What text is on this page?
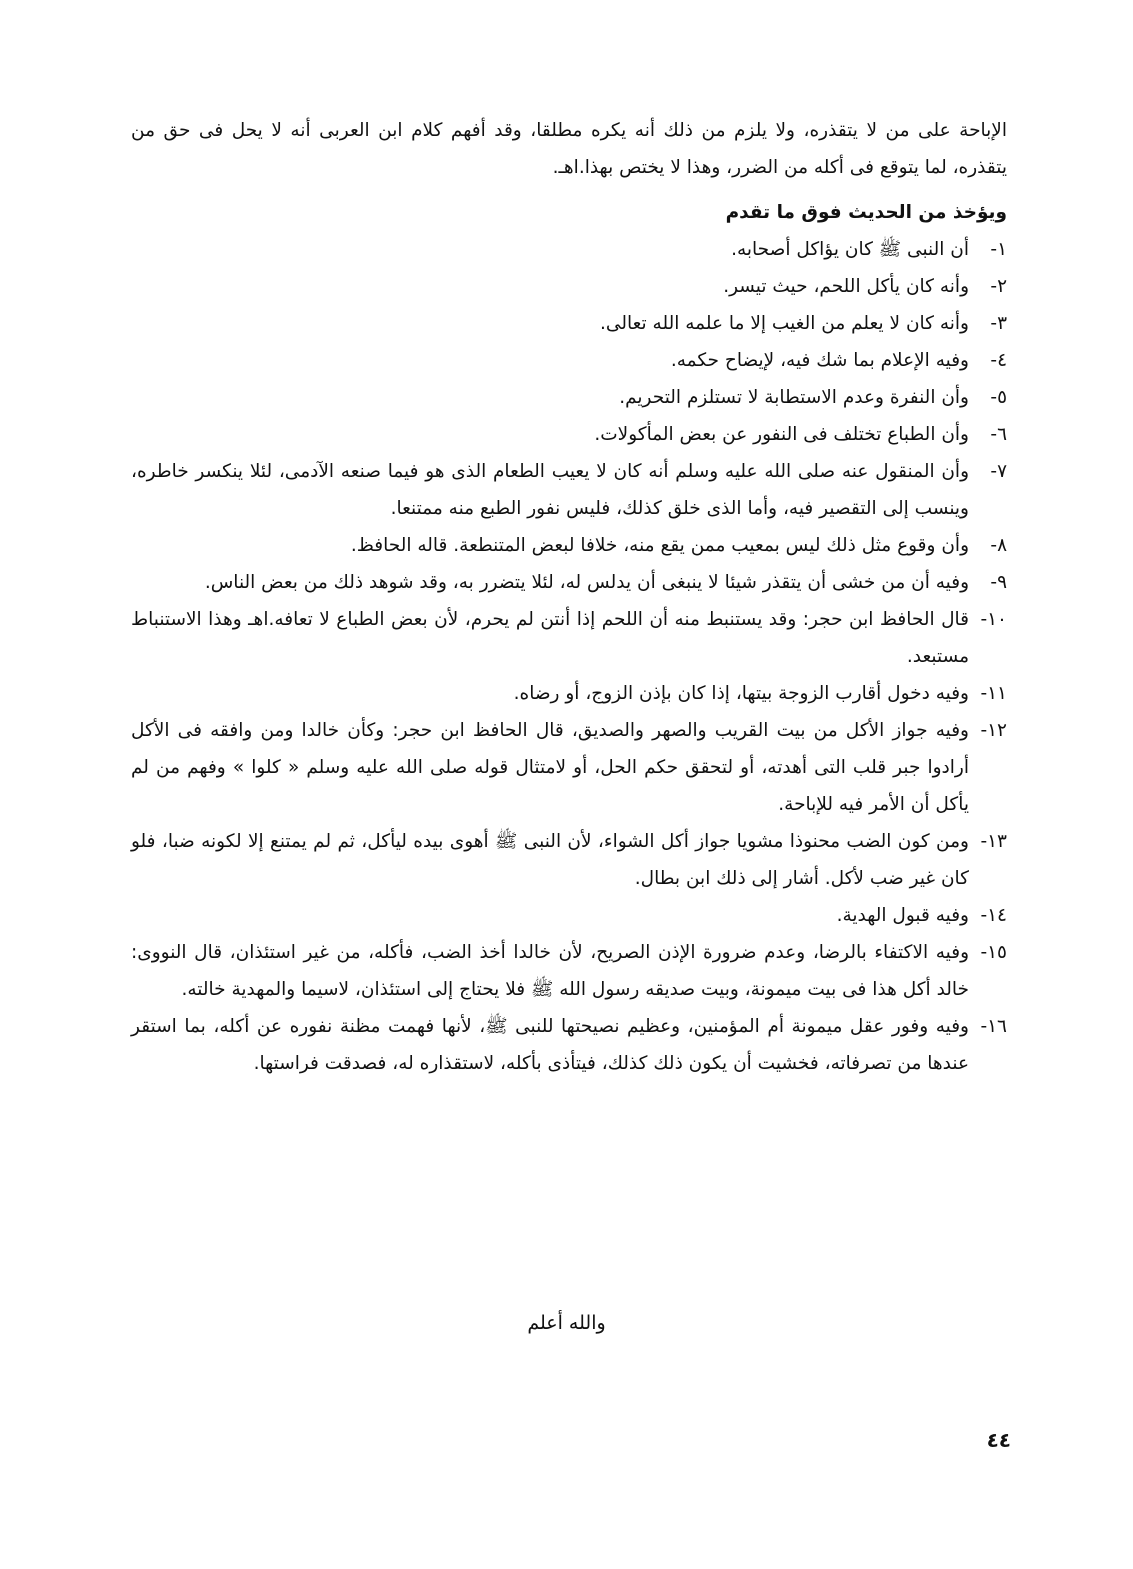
الإباحة على من لا يتقذره، ولا يلزم من ذلك أنه يكره مطلقا، وقد أفهم كلام ابن العربى أنه لا يحل فى حق من يتقذره، لما يتوقع فى أكله من الضرر، وهذا لا يختص بهذا.اهـ.

ويؤخذ من الحديث فوق ما تقدم

١-
أن النبى ﷺ كان يؤاكل أصحابه.
٢-
وأنه كان يأكل اللحم، حيث تيسر.
٣-
وأنه كان لا يعلم من الغيب إلا ما علمه الله تعالى.
٤-
وفيه الإعلام بما شك فيه، لإيضاح حكمه.
٥-
وأن النفرة وعدم الاستطابة لا تستلزم التحريم.
٦-
وأن الطباع تختلف فى النفور عن بعض المأكولات.
٧-
وأن المنقول عنه صلى الله عليه وسلم أنه كان لا يعيب الطعام الذى هو فيما صنعه الآدمى، لئلا ينكسر خاطره، وينسب إلى التقصير فيه، وأما الذى خلق كذلك، فليس نفور الطبع منه ممتنعا.
٨-
وأن وقوع مثل ذلك ليس بمعيب ممن يقع منه، خلافا لبعض المتنطعة. قاله الحافظ.
٩-
وفيه أن من خشى أن يتقذر شيئا لا ينبغى أن يدلس له، لئلا يتضرر به، وقد شوهد ذلك من بعض الناس.
١٠-
قال الحافظ ابن حجر: وقد يستنبط منه أن اللحم إذا أنتن لم يحرم، لأن بعض الطباع لا تعافه.اهـ وهذا الاستنباط مستبعد.
١١-
وفيه دخول أقارب الزوجة بيتها، إذا كان بإذن الزوج، أو رضاه.
١٢-
وفيه جواز الأكل من بيت القريب والصهر والصديق، قال الحافظ ابن حجر: وكأن خالدا ومن وافقه فى الأكل أرادوا جبر قلب التى أهدته، أو لتحقق حكم الحل، أو لامتثال قوله صلى الله عليه وسلم « كلوا » وفهم من لم يأكل أن الأمر فيه للإباحة.
١٣-
ومن كون الضب محنوذا مشويا جواز أكل الشواء، لأن النبى ﷺ أهوى بيده ليأكل، ثم لم يمتنع إلا لكونه ضبا، فلو كان غير ضب لأكل. أشار إلى ذلك ابن بطال.
١٤-
وفيه قبول الهدية.
١٥-
وفيه الاكتفاء بالرضا، وعدم ضرورة الإذن الصريح، لأن خالدا أخذ الضب، فأكله، من غير استئذان، قال النووى: خالد أكل هذا فى بيت ميمونة، وبيت صديقه رسول الله ﷺ فلا يحتاج إلى استئذان، لاسيما والمهدية خالته.
١٦-
وفيه وفور عقل ميمونة أم المؤمنين، وعظيم نصيحتها للنبى ﷺ، لأنها فهمت مظنة نفوره عن أكله، بما استقر عندها من تصرفاته، فخشيت أن يكون ذلك كذلك، فيتأذى بأكله، لاستقذاره له، فصدقت فراستها.
والله أعلم
٤٤
